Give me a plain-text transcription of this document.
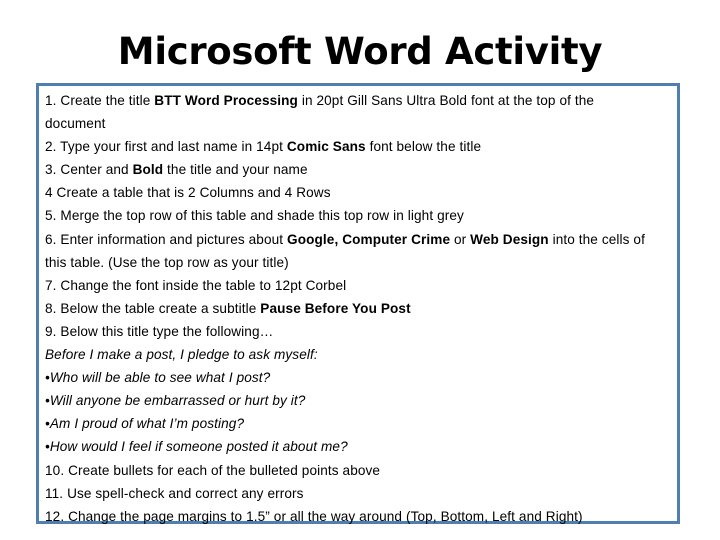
Microsoft Word Activity
1. Create the title BTT Word Processing in 20pt Gill Sans Ultra Bold font at the top of the
document
2. Type your first and last name in 14pt Comic Sans font below the title
3. Center and Bold the title and your name
4 Create a table that is 2 Columns and 4 Rows
5. Merge the top row of this table and shade this top row in light grey
6. Enter information and pictures about Google, Computer Crime or Web Design into the cells of
this table. (Use the top row as your title)
7. Change the font inside the table to 12pt Corbel
8. Below the table create a subtitle Pause Before You Post
9. Below this title type the following…
Before I make a post, I pledge to ask myself:
•Who will be able to see what I post?
•Will anyone be embarrassed or hurt by it?
•Am I proud of what I’m posting?
•How would I feel if someone posted it about me?
10. Create bullets for each of the bulleted points above
11. Use spell-check and correct any errors
12. Change the page margins to 1.5” or all the way around (Top, Bottom, Left and Right)
